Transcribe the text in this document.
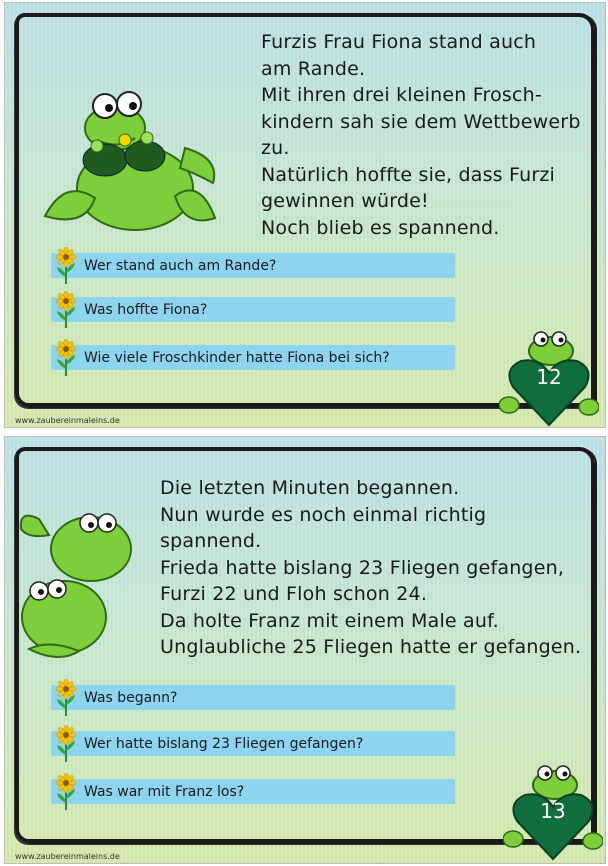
Furzis Frau Fiona stand auch
am Rande.
Mit ihren drei kleinen Frosch-
kindern sah sie dem Wettbewerb
zu.
Natürlich hoffte sie, dass Furzi
gewinnen würde!
Noch blieb es spannend.
Wer stand auch am Rande?
Was hoffte Fiona?
Wie viele Froschkinder hatte Fiona bei sich?
12
www.zaubereinmaleins.de
Die letzten Minuten begannen.
Nun wurde es noch einmal richtig
spannend.
Frieda hatte bislang 23 Fliegen gefangen,
Furzi 22 und Floh schon 24.
Da holte Franz mit einem Male auf.
Unglaubliche 25 Fliegen hatte er gefangen.
Was begann?
Wer hatte bislang 23 Fliegen gefangen?
Was war mit Franz los?
13
www.zaubereinmaleins.de
